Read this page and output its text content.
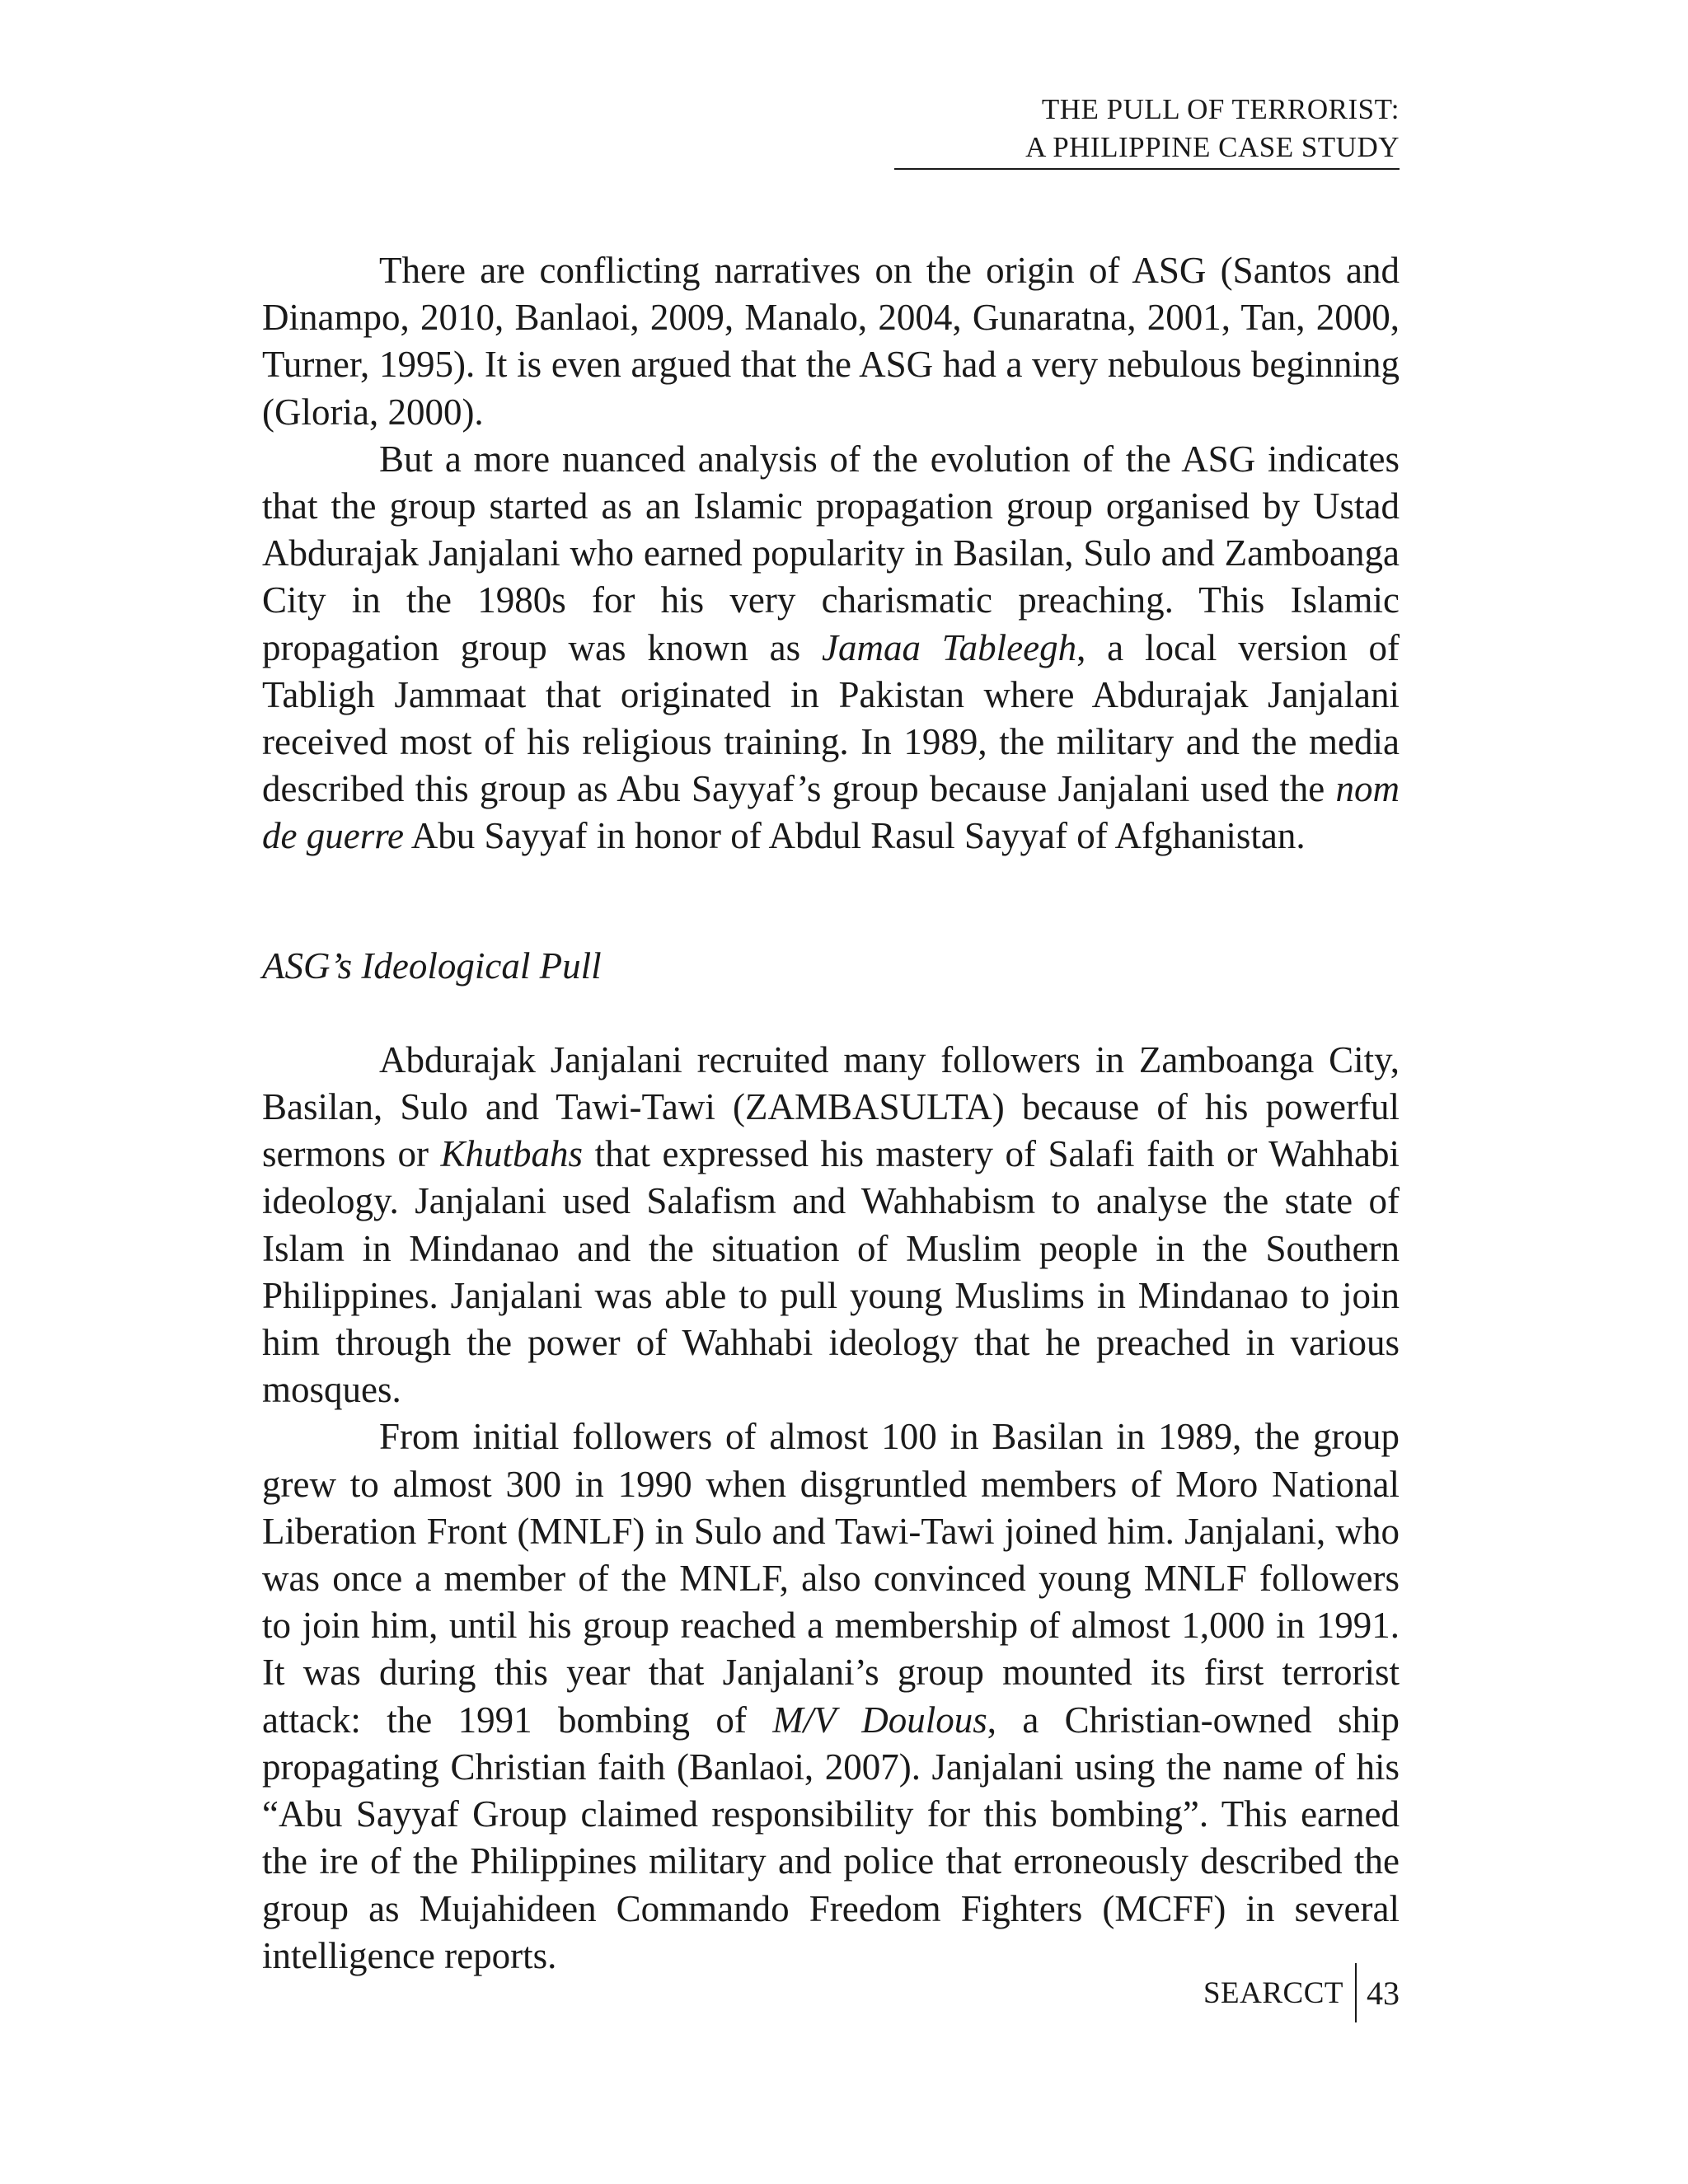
THE PULL OF TERRORIST:
A PHILIPPINE CASE STUDY

There are conflicting narratives on the origin of ASG (Santos and Dinampo, 2010, Banlaoi, 2009, Manalo, 2004, Gunaratna, 2001, Tan, 2000, Turner, 1995). It is even argued that the ASG had a very nebulous beginning (Gloria, 2000).

But a more nuanced analysis of the evolution of the ASG indicates that the group started as an Islamic propagation group organised by Ustad Abdurajak Janjalani who earned popularity in Basilan, Sulo and Zamboanga City in the 1980s for his very charismatic preaching. This Islamic propagation group was known as Jamaa Tableegh, a local version of Tabligh Jammaat that originated in Pakistan where Abdurajak Janjalani received most of his religious training. In 1989, the military and the media described this group as Abu Sayyaf’s group because Janjalani used the nom de guerre Abu Sayyaf in honor of Abdul Rasul Sayyaf of Afghanistan.

ASG’s Ideological Pull

Abdurajak Janjalani recruited many followers in Zamboanga City, Basilan, Sulo and Tawi-Tawi (ZAMBASULTA) because of his powerful sermons or Khutbahs that expressed his mastery of Salafi faith or Wahhabi ideology. Janjalani used Salafism and Wahhabism to analyse the state of Islam in Mindanao and the situation of Muslim people in the Southern Philippines. Janjalani was able to pull young Muslims in Mindanao to join him through the power of Wahhabi ideology that he preached in various mosques.

From initial followers of almost 100 in Basilan in 1989, the group grew to almost 300 in 1990 when disgruntled members of Moro National Liberation Front (MNLF) in Sulo and Tawi-Tawi joined him. Janjalani, who was once a member of the MNLF, also convinced young MNLF followers to join him, until his group reached a membership of almost 1,000 in 1991. It was during this year that Janjalani’s group mounted its first terrorist attack: the 1991 bombing of M/V Doulous, a Christian-owned ship propagating Christian faith (Banlaoi, 2007). Janjalani using the name of his “Abu Sayyaf Group claimed responsibility for this bombing”. This earned the ire of the Philippines military and police that erroneously described the group as Mujahideen Commando Freedom Fighters (MCFF) in several intelligence reports.

SEARCCT 43
